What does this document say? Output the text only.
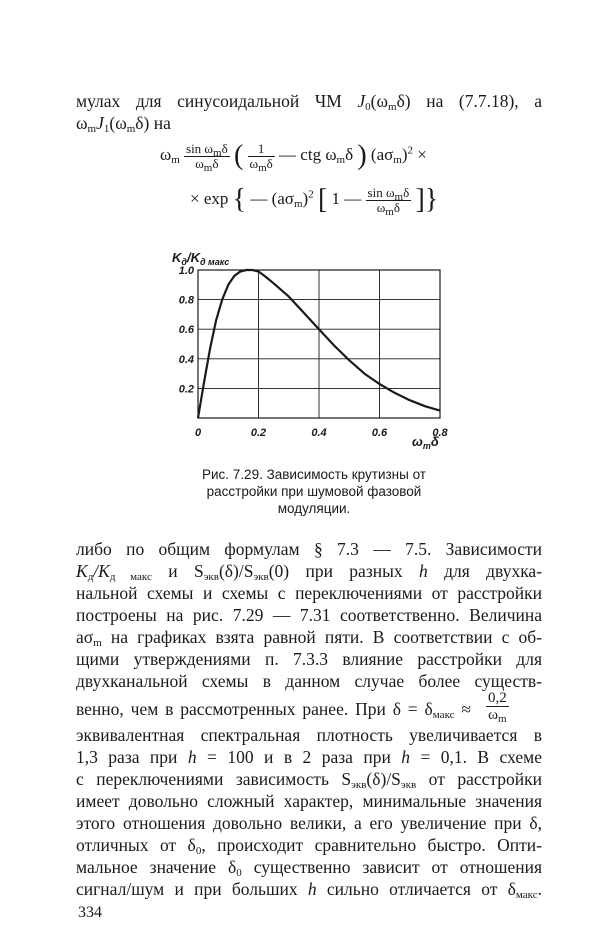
мулах для синусоидальной ЧМ $J_0(\omega_m\delta)$ на (7.7.18), а
$\omega_mJ_1(\omega_m\delta)$ на
$\omega_m \frac{\sin \omega_m\delta}{\omega_m\delta}$ ( $\frac{1}{\omega_m\delta}$ — ctg $\omega_m\delta$ ) $(a\sigma_m)^2$ ×
× exp { — $(a\sigma_m)^2$ [ 1 — $\frac{\sin \omega_m\delta}{\omega_m\delta}$ ]}
$K_д/K_{д макс}$
0	0.2	0.4	0.6	0.8
0.2
0.4
0.6
0.8
1.0
$\omega_m\delta$
Рис. 7.29. Зависимость крутизны от расстройки при шумовой фазовой модуляции.
либо по общим формулам § 7.3 — 7.5. Зависимости
$K_д/K_{д макс}$ и $S_{экв}(\delta)/S_{экв}(0)$ при разных h для двухка-
нальной схемы и схемы с переключениями от расстройки
построены на рис. 7.29 — 7.31 соответственно. Величина
$a\sigma_m$ на графиках взята равной пяти. В соответствии с об-
щими утверждениями п. 7.3.3 влияние расстройки для
двухканальной схемы в данном случае более существ-
венно, чем в рассмотренных ранее. При $\delta = \delta_{макс} \approx \frac{0,2}{\omega_m}$
эквивалентная спектральная плотность увеличивается в
1,3 раза при h = 100 и в 2 раза при h = 0,1. В схеме
с переключениями зависимость $S_{экв}(\delta)/S_{экв}$ от расстройки
имеет довольно сложный характер, минимальные значения
этого отношения довольно велики, а его увеличение при δ,
отличных от $\delta_0$, происходит сравнительно быстро. Опти-
мальное значение $\delta_0$ существенно зависит от отношения
сигнал/шум и при больших h сильно отличается от $\delta_{макс}$.
334
